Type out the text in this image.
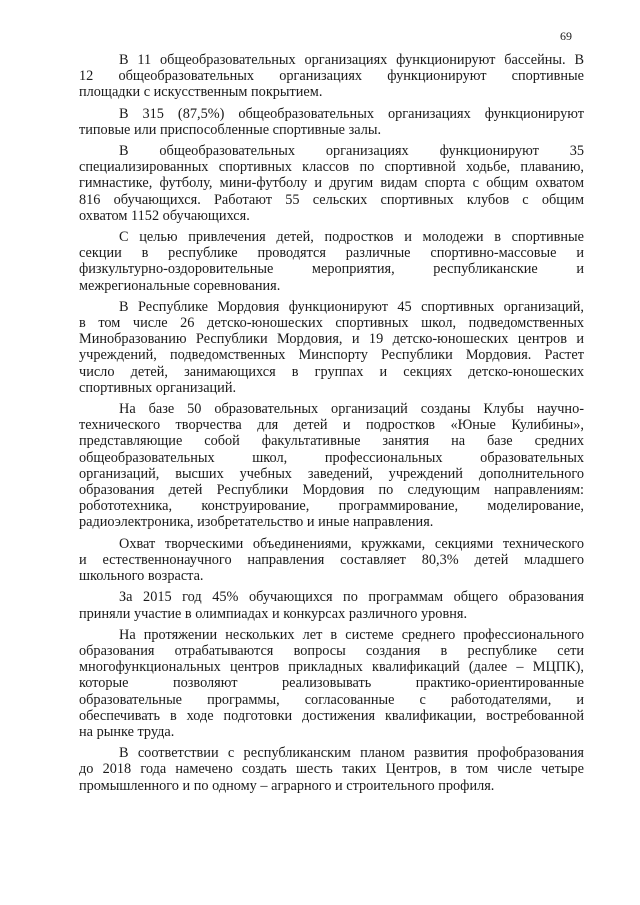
69
В 11 общеобразовательных организациях функционируют бассейны. В
12 общеобразовательных организациях функционируют спортивные
площадки с искусственным покрытием.
В 315 (87,5%) общеобразовательных организациях функционируют
типовые или приспособленные спортивные залы.
В общеобразовательных организациях функционируют 35
специализированных спортивных классов по спортивной ходьбе, плаванию,
гимнастике, футболу, мини-футболу и другим видам спорта с общим охватом
816 обучающихся. Работают 55 сельских спортивных клубов с общим
охватом 1152 обучающихся.
С целью привлечения детей, подростков и молодежи в спортивные
секции в республике проводятся различные спортивно-массовые и
физкультурно-оздоровительные мероприятия, республиканские и
межрегиональные соревнования.
В Республике Мордовия функционируют 45 спортивных организаций,
в том числе 26 детско-юношеских спортивных школ, подведомственных
Минобразованию Республики Мордовия, и 19 детско-юношеских центров и
учреждений, подведомственных Минспорту Республики Мордовия. Растет
число детей, занимающихся в группах и секциях детско-юношеских
спортивных организаций.
На базе 50 образовательных организаций созданы Клубы научно-
технического творчества для детей и подростков «Юные Кулибины»,
представляющие собой факультативные занятия на базе средних
общеобразовательных школ, профессиональных образовательных
организаций, высших учебных заведений, учреждений дополнительного
образования детей Республики Мордовия по следующим направлениям:
робототехника, конструирование, программирование, моделирование,
радиоэлектроника, изобретательство и иные направления.
Охват творческими объединениями, кружками, секциями технического
и естественнонаучного направления составляет 80,3% детей младшего
школьного возраста.
За 2015 год 45% обучающихся по программам общего образования
приняли участие в олимпиадах и конкурсах различного уровня.
На протяжении нескольких лет в системе среднего профессионального
образования отрабатываются вопросы создания в республике сети
многофункциональных центров прикладных квалификаций (далее – МЦПК),
которые позволяют реализовывать практико-ориентированные
образовательные программы, согласованные с работодателями, и
обеспечивать в ходе подготовки достижения квалификации, востребованной
на рынке труда.
В соответствии с республиканским планом развития профобразования
до 2018 года намечено создать шесть таких Центров, в том числе четыре
промышленного и по одному – аграрного и строительного профиля.
